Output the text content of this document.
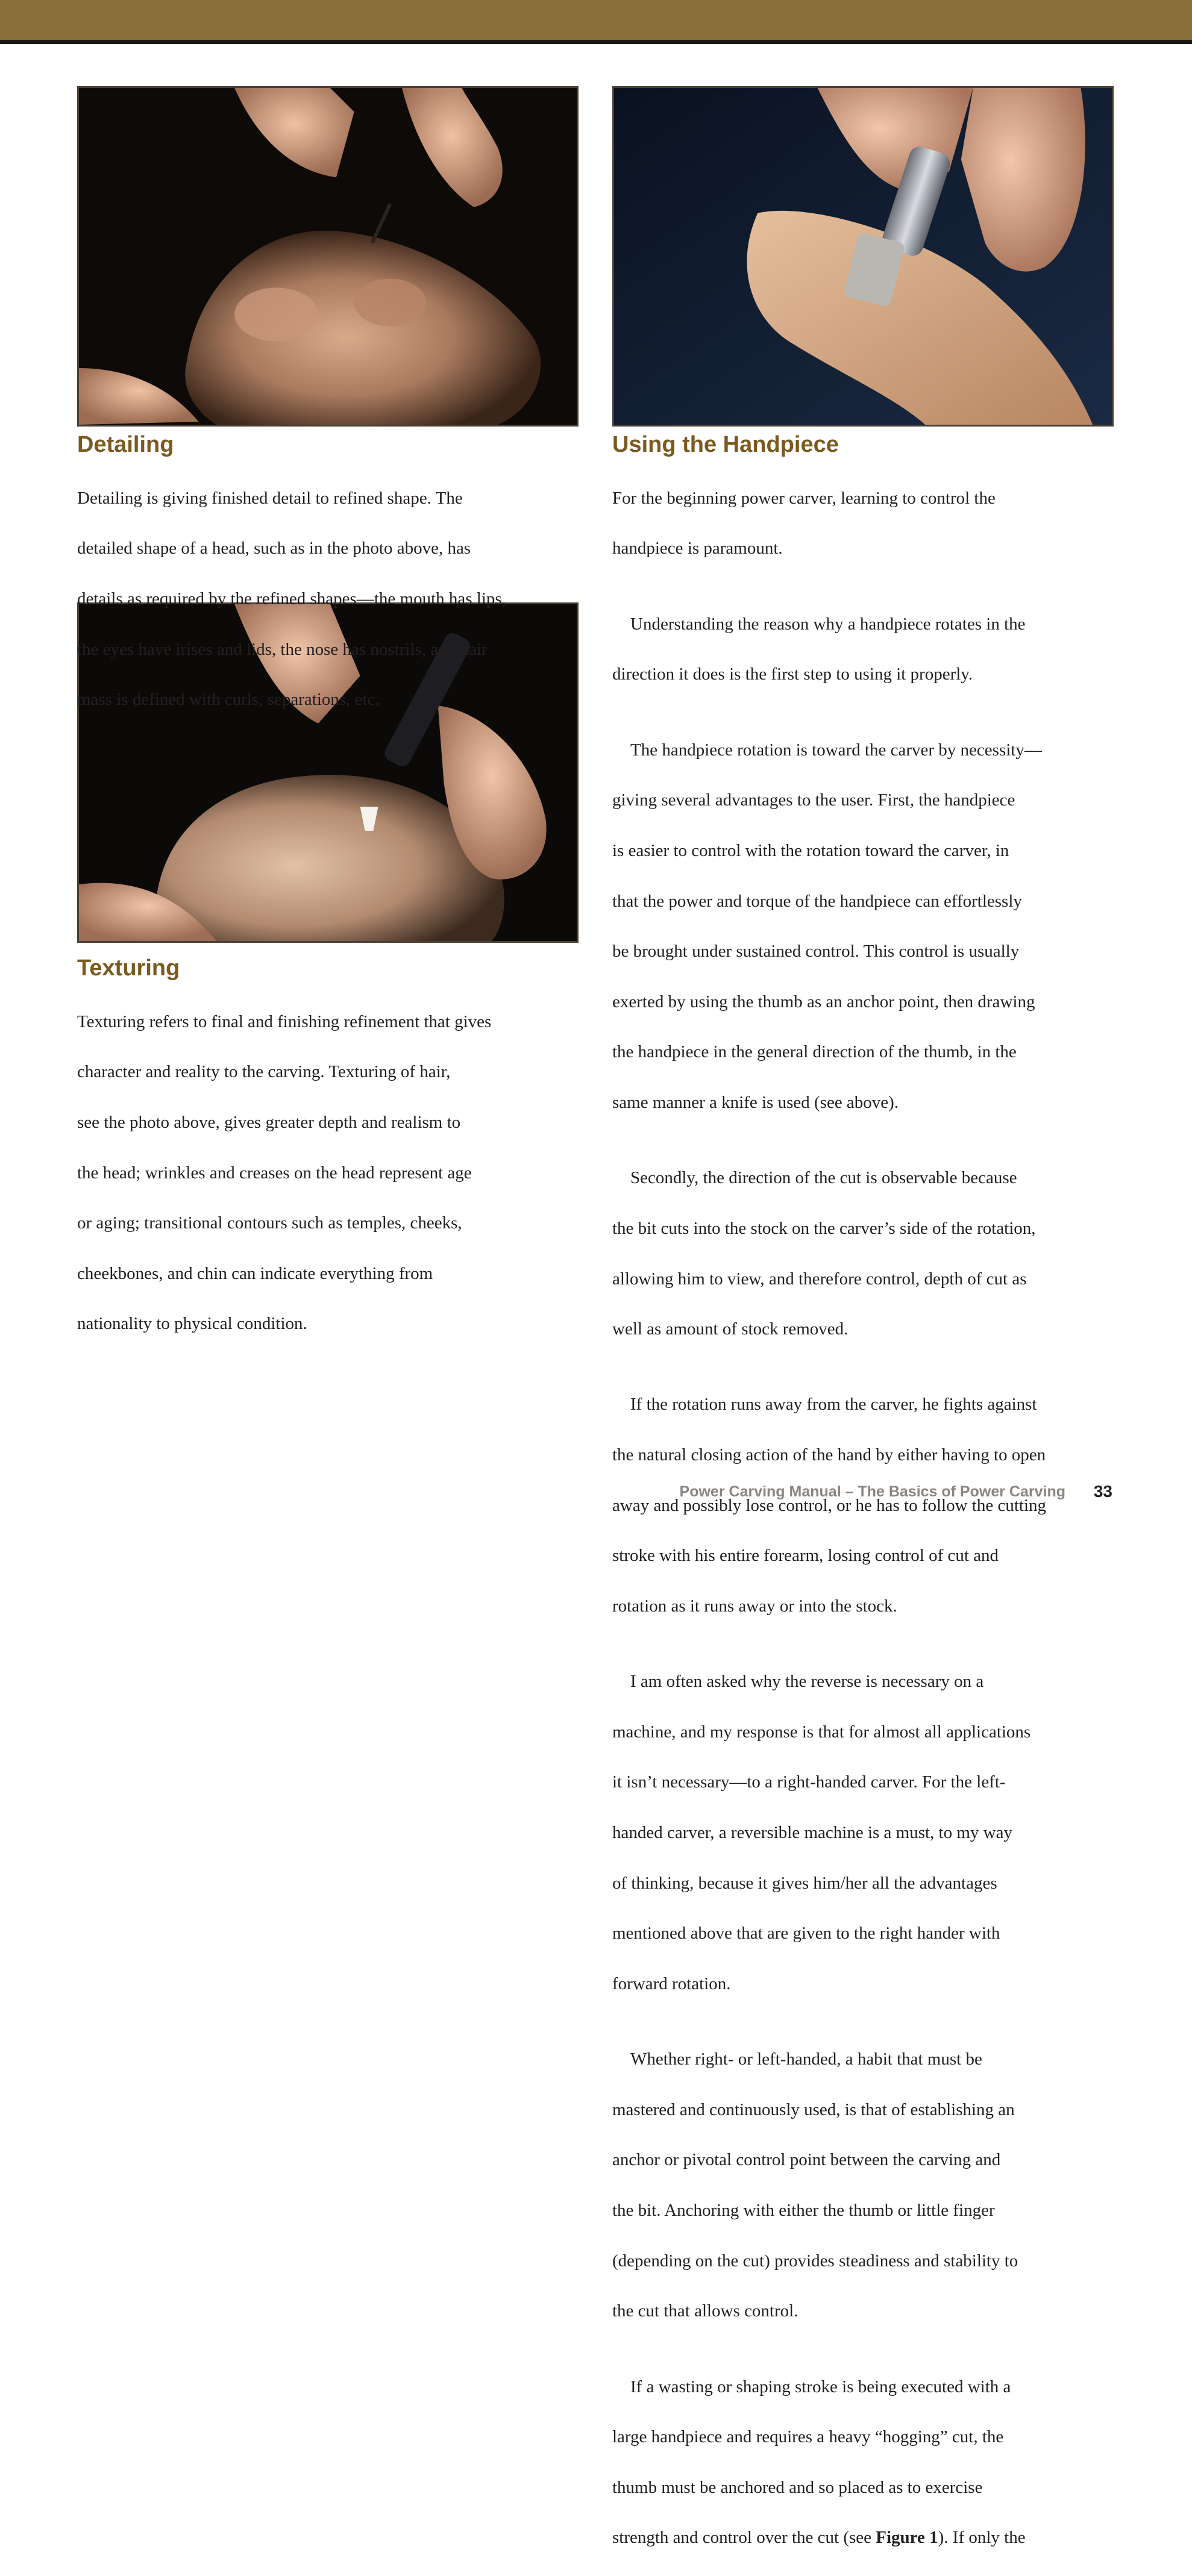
Detailing

Detailing is giving finished detail to refined shape. The

detailed shape of a head, such as in the photo above, has

details as required by the refined shapes—the mouth has lips,

the eyes have irises and lids, the nose has nostrils, any hair

mass is defined with curls, separations, etc.

Texturing

Texturing refers to final and finishing refinement that gives

character and reality to the carving. Texturing of hair,

see the photo above, gives greater depth and realism to

the head; wrinkles and creases on the head represent age

or aging; transitional contours such as temples, cheeks,

cheekbones, and chin can indicate everything from

nationality to physical condition.

Using the Handpiece

For the beginning power carver, learning to control the

handpiece is paramount.

Understanding the reason why a handpiece rotates in the

direction it does is the first step to using it properly.

The handpiece rotation is toward the carver by necessity—

giving several advantages to the user. First, the handpiece

is easier to control with the rotation toward the carver, in

that the power and torque of the handpiece can effortlessly

be brought under sustained control. This control is usually

exerted by using the thumb as an anchor point, then drawing

the handpiece in the general direction of the thumb, in the

same manner a knife is used (see above).

Secondly, the direction of the cut is observable because

the bit cuts into the stock on the carver’s side of the rotation,

allowing him to view, and therefore control, depth of cut as

well as amount of stock removed.

If the rotation runs away from the carver, he fights against

the natural closing action of the hand by either having to open

away and possibly lose control, or he has to follow the cutting

stroke with his entire forearm, losing control of cut and

rotation as it runs away or into the stock.

I am often asked why the reverse is necessary on a

machine, and my response is that for almost all applications

it isn’t necessary—to a right-handed carver. For the left-

handed carver, a reversible machine is a must, to my way

of thinking, because it gives him/her all the advantages

mentioned above that are given to the right hander with

forward rotation.

Whether right- or left-handed, a habit that must be

mastered and continuously used, is that of establishing an

anchor or pivotal control point between the carving and

the bit. Anchoring with either the thumb or little finger

(depending on the cut) provides steadiness and stability to

the cut that allows control.

If a wasting or shaping stroke is being executed with a

large handpiece and requires a heavy “hogging” cut, the

thumb must be anchored and so placed as to exercise

strength and control over the cut (see Figure 1). If only the

Power Carving Manual – The Basics of Power Carving 33
